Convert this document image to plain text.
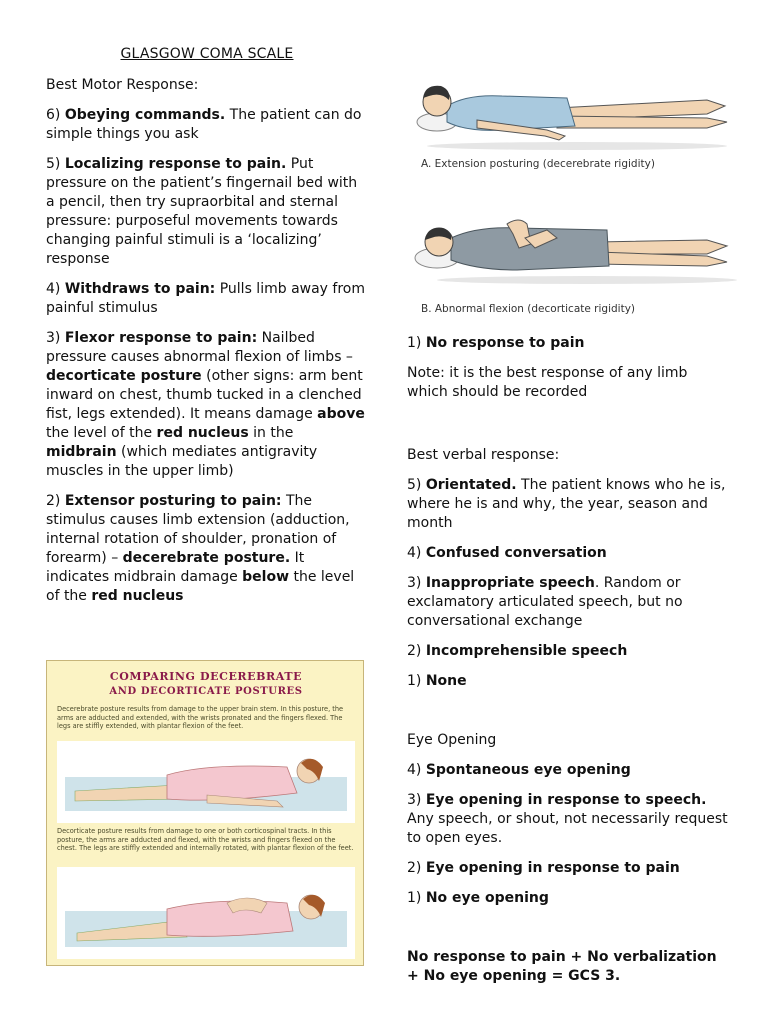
GLASGOW COMA SCALE

Best Motor Response:

6) Obeying commands. The patient can do simple things you ask

5) Localizing response to pain. Put pressure on the patient’s fingernail bed with a pencil, then try supraorbital and sternal pressure: purposeful movements towards changing painful stimuli is a ‘localizing’ response

4) Withdraws to pain: Pulls limb away from painful stimulus

3) Flexor response to pain: Nailbed pressure causes abnormal flexion of limbs – decorticate posture (other signs: arm bent inward on chest, thumb tucked in a clenched fist, legs extended). It means damage above the level of the red nucleus in the midbrain (which mediates antigravity muscles in the upper limb)

2) Extensor posturing to pain: The stimulus causes limb extension (adduction, internal rotation of shoulder, pronation of forearm) – decerebrate posture. It indicates midbrain damage below the level of the red nucleus

A. Extension posturing (decerebrate rigidity)
B. Abnormal flexion (decorticate rigidity)

1) No response to pain

Note: it is the best response of any limb which should be recorded

Best verbal response:

5) Orientated. The patient knows who he is, where he is and why, the year, season and month

4) Confused conversation

3) Inappropriate speech. Random or exclamatory articulated speech, but no conversational exchange

2) Incomprehensible speech

1) None

Eye Opening

4) Spontaneous eye opening

3) Eye opening in response to speech. Any speech, or shout, not necessarily request to open eyes.

2) Eye opening in response to pain

1) No eye opening

No response to pain + No verbalization + No eye opening = GCS 3.

COMPARING DECEREBRATE
AND DECORTICATE POSTURES
Decerebrate posture results from damage to the upper brain stem. In this posture, the arms are adducted and extended, with the wrists pronated and the fingers flexed. The legs are stiffly extended, with plantar flexion of the feet.
Decorticate posture results from damage to one or both corticospinal tracts. In this posture, the arms are adducted and flexed, with the wrists and fingers flexed on the chest. The legs are stiffly extended and internally rotated, with plantar flexion of the feet.
